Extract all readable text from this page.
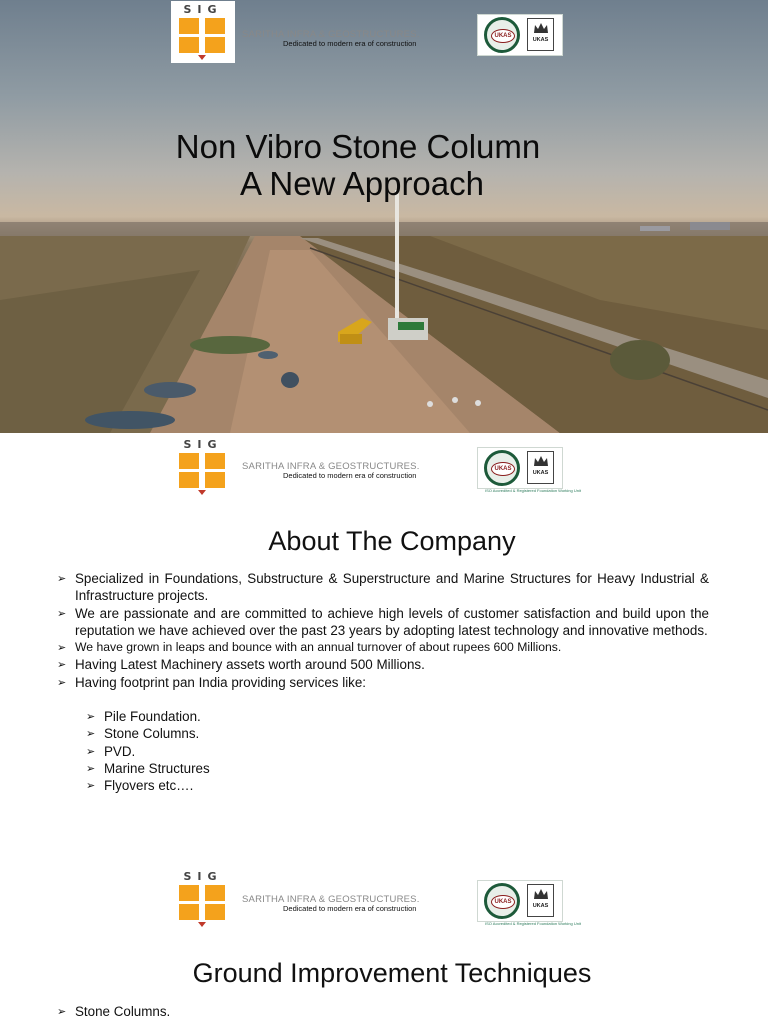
SIG
SARITHA INFRA & GEOSTRUCTURES.
Dedicated to modern era of construction
UKAS
UKAS
Non Vibro Stone Column
A New Approach
SIG
SARITHA INFRA & GEOSTRUCTURES.
Dedicated to modern era of construction
UKAS
UKAS
ISO Accredited & Registered Foundation Working Unit
About The Company
➢ Specialized in Foundations, Substructure & Superstructure and Marine Structures for Heavy Industrial & Infrastructure projects.
➢ We are passionate and are committed to achieve high levels of customer satisfaction and build upon the reputation we have achieved over the past 23 years by adopting latest technology and innovative methods.
➢ We have grown in leaps and bounce with an annual turnover of about rupees 600 Millions.
➢ Having Latest Machinery assets worth around 500 Millions.
➢ Having footprint pan India providing services like:
➢ Pile Foundation.
➢ Stone Columns.
➢ PVD.
➢ Marine Structures
➢ Flyovers etc….
SIG
SARITHA INFRA & GEOSTRUCTURES.
Dedicated to modern era of construction
UKAS
UKAS
ISO Accredited & Registered Foundation Working Unit
Ground Improvement Techniques
➢ Stone Columns.
